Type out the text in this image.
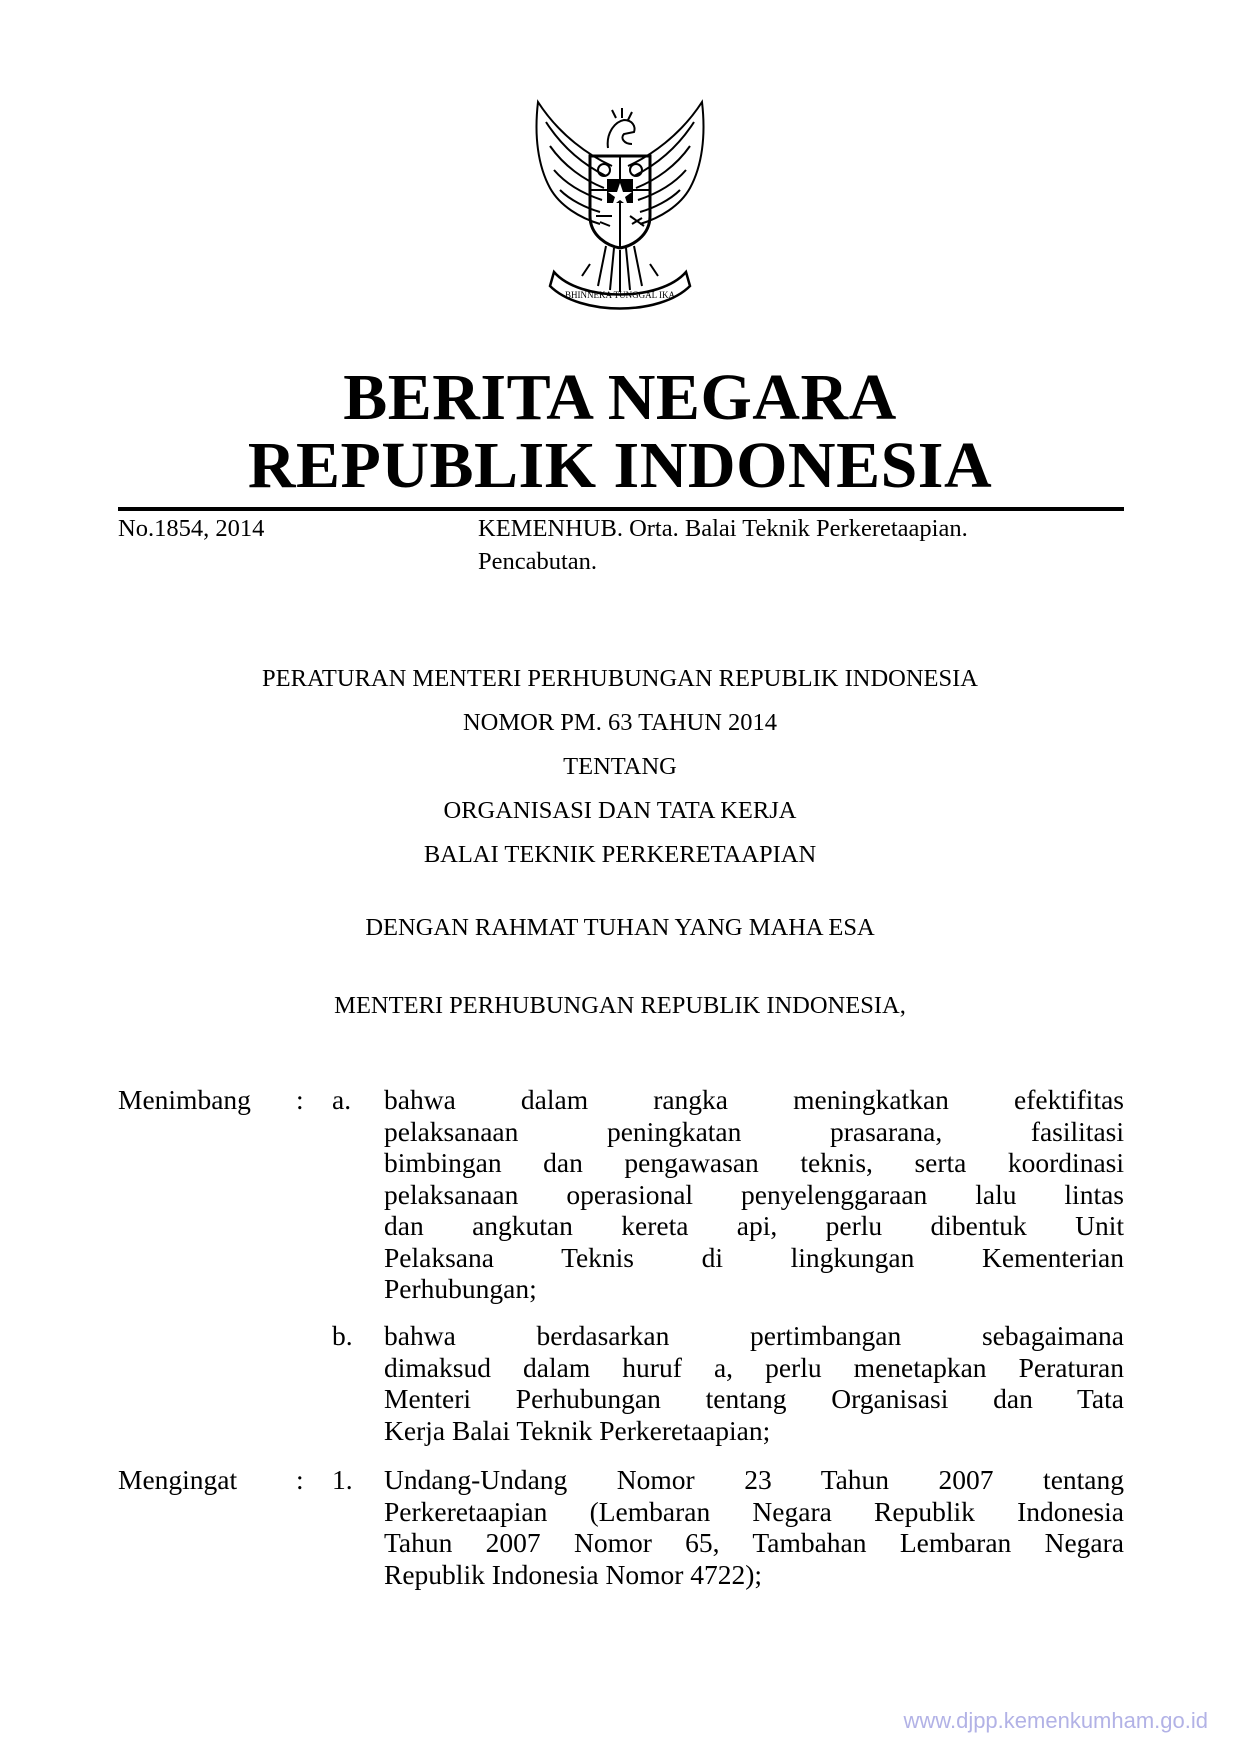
BHINNEKA TUNGGAL IKA
BERITA NEGARA
REPUBLIK INDONESIA
No.1854, 2014	KEMENHUB. Orta. Balai Teknik Perkeretaapian.
Pencabutan.
PERATURAN MENTERI PERHUBUNGAN REPUBLIK INDONESIA
NOMOR PM. 63 TAHUN 2014
TENTANG
ORGANISASI DAN TATA KERJA
BALAI TEKNIK PERKERETAAPIAN
DENGAN RAHMAT TUHAN YANG MAHA ESA
MENTERI PERHUBUNGAN REPUBLIK INDONESIA,
Menimbang : a. bahwa dalam rangka meningkatkan efektifitas
pelaksanaan peningkatan prasarana, fasilitasi
bimbingan dan pengawasan teknis, serta koordinasi
pelaksanaan operasional penyelenggaraan lalu lintas
dan angkutan kereta api, perlu dibentuk Unit
Pelaksana Teknis di lingkungan Kementerian
Perhubungan;
b. bahwa berdasarkan pertimbangan sebagaimana
dimaksud dalam huruf a, perlu menetapkan Peraturan
Menteri Perhubungan tentang Organisasi dan Tata
Kerja Balai Teknik Perkeretaapian;
Mengingat : 1. Undang-Undang Nomor 23 Tahun 2007 tentang
Perkeretaapian (Lembaran Negara Republik Indonesia
Tahun 2007 Nomor 65, Tambahan Lembaran Negara
Republik Indonesia Nomor 4722);
www.djpp.kemenkumham.go.id
